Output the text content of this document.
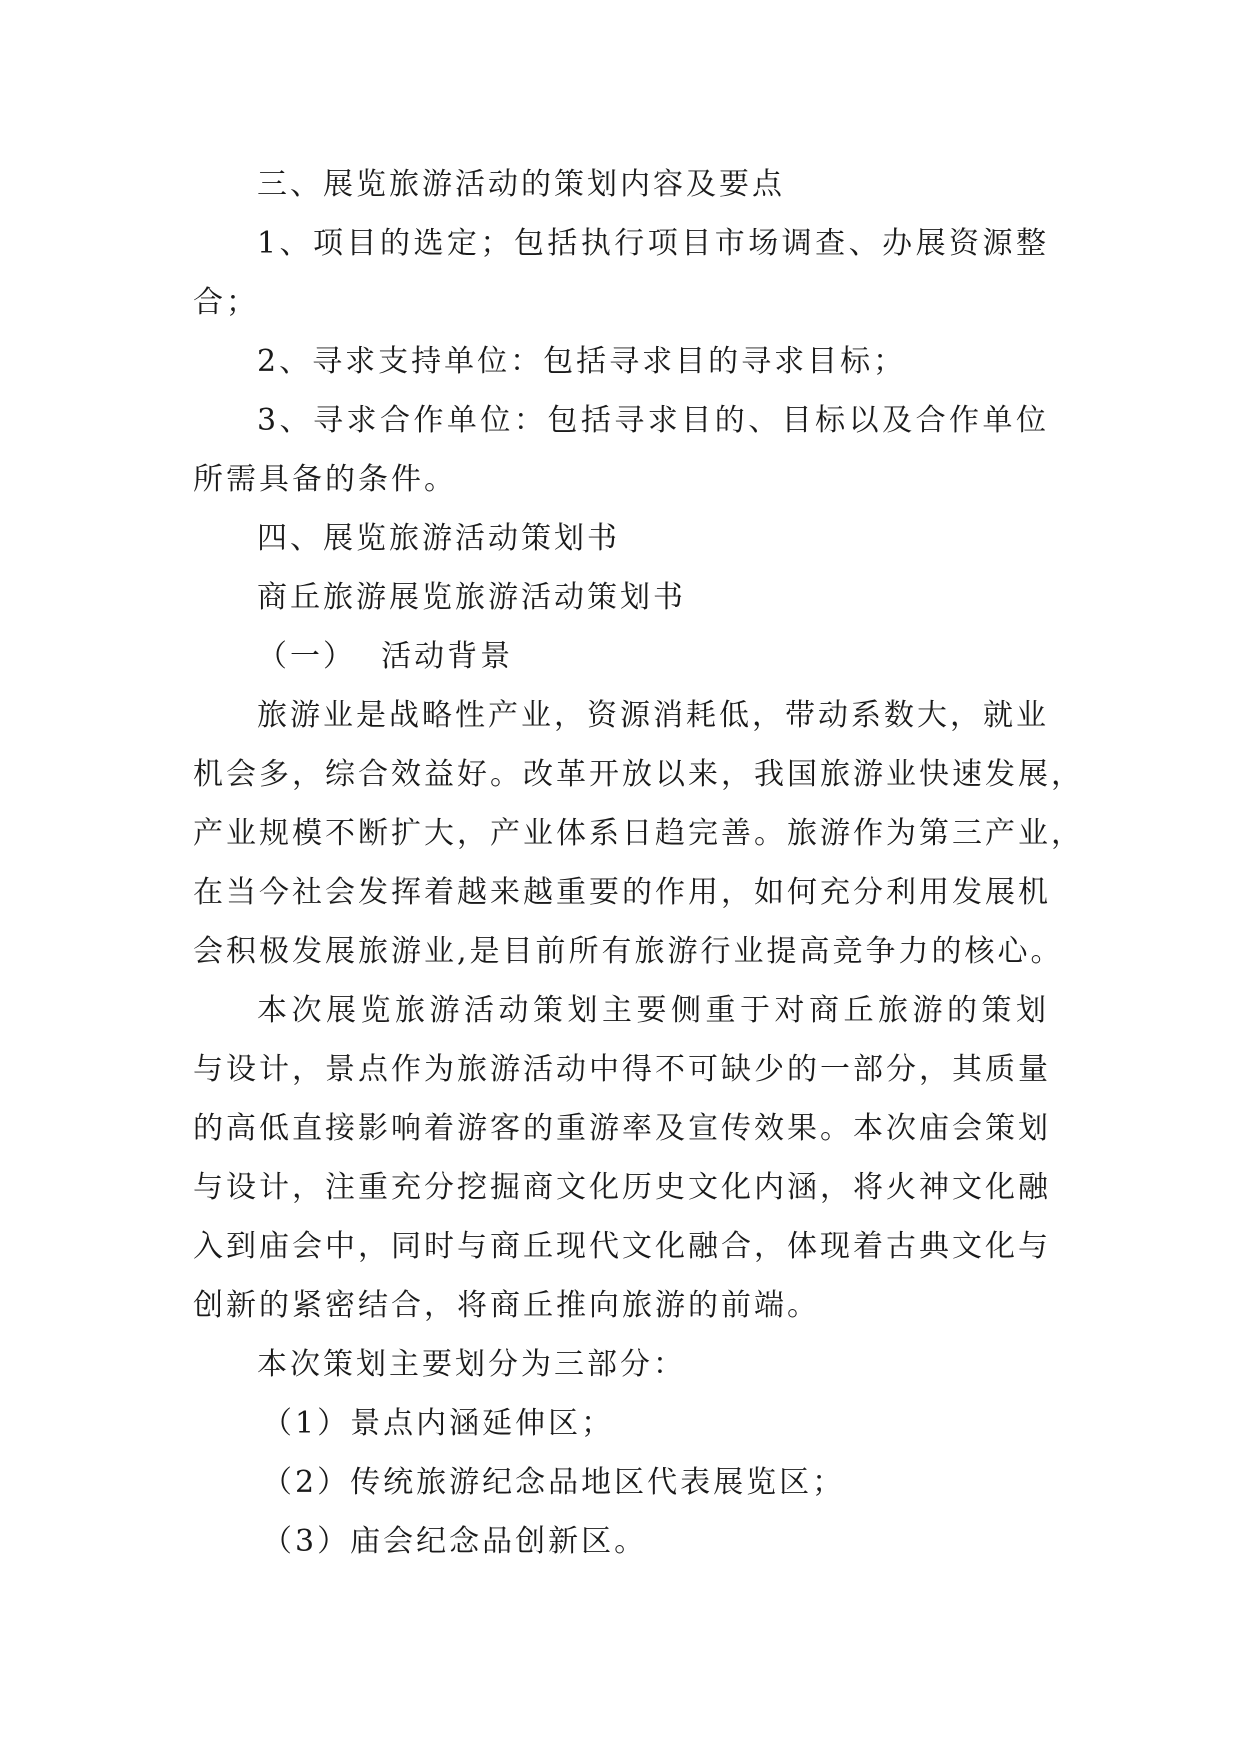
三、展览旅游活动的策划内容及要点

1、项目的选定；包括执行项目市场调查、办展资源整

合；

2、寻求支持单位：包括寻求目的寻求目标；

3、寻求合作单位：包括寻求目的、目标以及合作单位

所需具备的条件。

四、展览旅游活动策划书

商丘旅游展览旅游活动策划书

（一）  活动背景

旅游业是战略性产业，资源消耗低，带动系数大，就业

机会多，综合效益好。改革开放以来，我国旅游业快速发展，

产业规模不断扩大，产业体系日趋完善。旅游作为第三产业，

在当今社会发挥着越来越重要的作用，如何充分利用发展机

会积极发展旅游业,是目前所有旅游行业提高竞争力的核心。

本次展览旅游活动策划主要侧重于对商丘旅游的策划

与设计，景点作为旅游活动中得不可缺少的一部分，其质量

的高低直接影响着游客的重游率及宣传效果。本次庙会策划

与设计，注重充分挖掘商文化历史文化内涵，将火神文化融

入到庙会中，同时与商丘现代文化融合，体现着古典文化与

创新的紧密结合，将商丘推向旅游的前端。

本次策划主要划分为三部分：

（1）景点内涵延伸区；

（2）传统旅游纪念品地区代表展览区；

（3）庙会纪念品创新区。
